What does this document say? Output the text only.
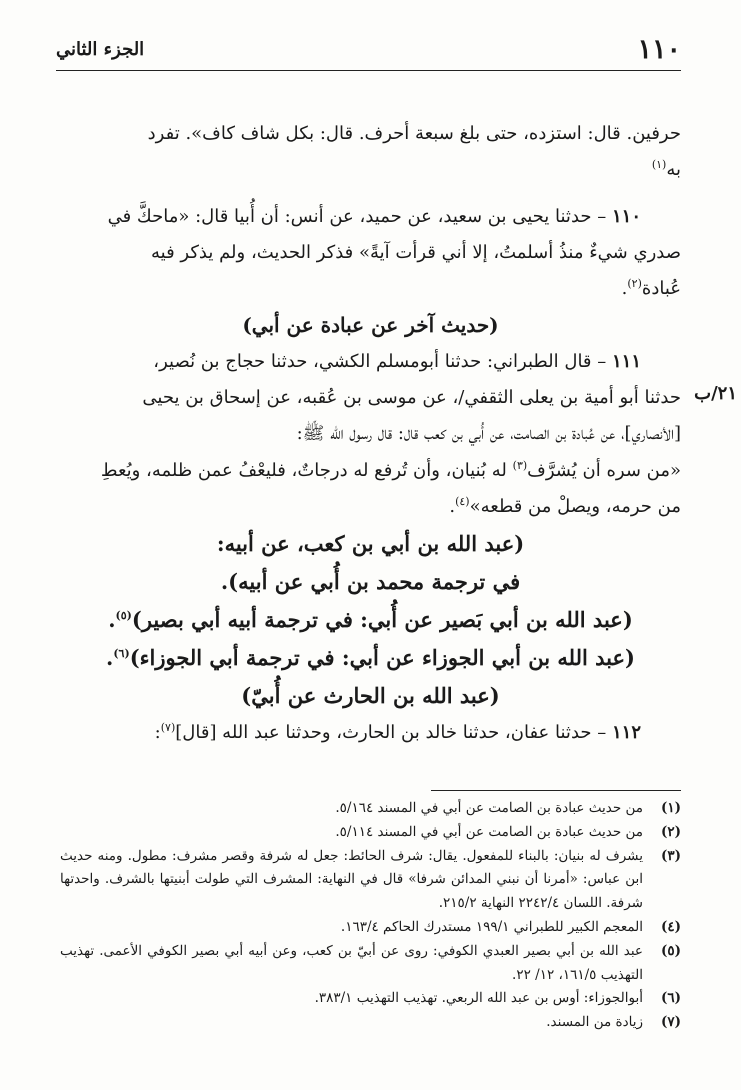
١١٠
الجزء الثاني
٢١/ب

حرفين. قال: استزده، حتى بلغ سبعة أحرف. قال: بكل شاف كاف». تفرد

به$^{(١)}$

١١٠ – حدثنا يحيى بن سعيد، عن حميد، عن أنس: أن أُبيا قال: «ماحكَّ في

صدري شيءٌ منذُ أسلمتُ، إلا أني قرأت آيةً» فذكر الحديث، ولم يذكر فيه

عُبادة$^{(٢)}$.

(حديث آخر عن عبادة عن أبي)

١١١ – قال الطبراني: حدثنا أبومسلم الكشي، حدثنا حجاج بن نُصير،

حدثنا أبو أمية بن يعلى الثقفي/، عن موسى بن عُقبه، عن إسحاق بن يحيى

[الأنصاري]، عن عُبادة بن الصامت، عن أُبي بن كعب قال: قال رسول الله ﷺ:

«من سره أن يُشرَّف$^{(٣)}$ له بُنيان، وأن تُرفع له درجاتٌ، فليعْفُ عمن ظلمه، ويُعطِ

من حرمه، ويصلْ من قطعه»$^{(٤)}$.

(عبد الله بن أبي بن كعب، عن أبيه:

في ترجمة محمد بن أُبي عن أبيه).

(عبد الله بن أبي بَصير عن أُبي: في ترجمة أبيه أبي بصير)$^{(٥)}$.

(عبد الله بن أبي الجوزاء عن أبي: في ترجمة أبي الجوزاء)$^{(٦)}$.

(عبد الله بن الحارث عن أُبيّ)

١١٢ – حدثنا عفان، حدثنا خالد بن الحارث، وحدثنا عبد الله [قال]$^{(٧)}$:

(١)
من حديث عبادة بن الصامت عن أبي في المسند ٥/١٦٤.
(٢)
من حديث عبادة بن الصامت عن أبي في المسند ٥/١١٤.
(٣)
يشرف له بنيان: بالبناء للمفعول. يقال: شرف الحائط: جعل له شرفة وقصر مشرف: مطول. ومنه حديث ابن عباس: «أمرنا أن نبني المدائن شرفا» قال في النهاية: المشرف التي طولت أبنيتها بالشرف. واحدتها شرفة. اللسان ٢٢٤٢/٤ النهاية ٢١٥/٢.
(٤)
المعجم الكبير للطبراني ١٩٩/١ مستدرك الحاكم ١٦٣/٤.
(٥)
عبد الله بن أبي بصير العبدي الكوفي: روى عن أبيّ بن كعب، وعن أبيه أبي بصير الكوفي الأعمى. تهذيب التهذيب ١٦١/٥، ١٢/ ٢٢.
(٦)
أبوالجوزاء: أوس بن عبد الله الربعي. تهذيب التهذيب ٣٨٣/١.
(٧)
زيادة من المسند.
